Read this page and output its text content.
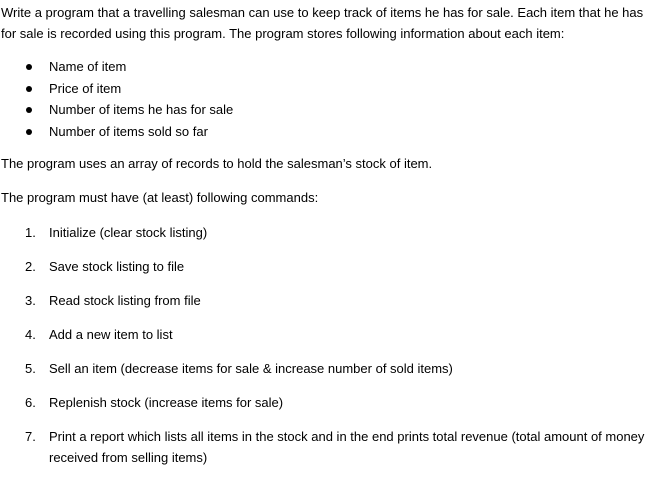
Write a program that a travelling salesman can use to keep track of items he has for sale. Each item that he has for sale is recorded using this program. The program stores following information about each item:

Name of item
Price of item
Number of items he has for sale
Number of items sold so far

The program uses an array of records to hold the salesman’s stock of item.

The program must have (at least) following commands:

1. Initialize (clear stock listing)
2. Save stock listing to file
3. Read stock listing from file
4. Add a new item to list
5. Sell an item (decrease items for sale & increase number of sold items)
6. Replenish stock (increase items for sale)
7. Print a report which lists all items in the stock and in the end prints total revenue (total amount of money received from selling items)
